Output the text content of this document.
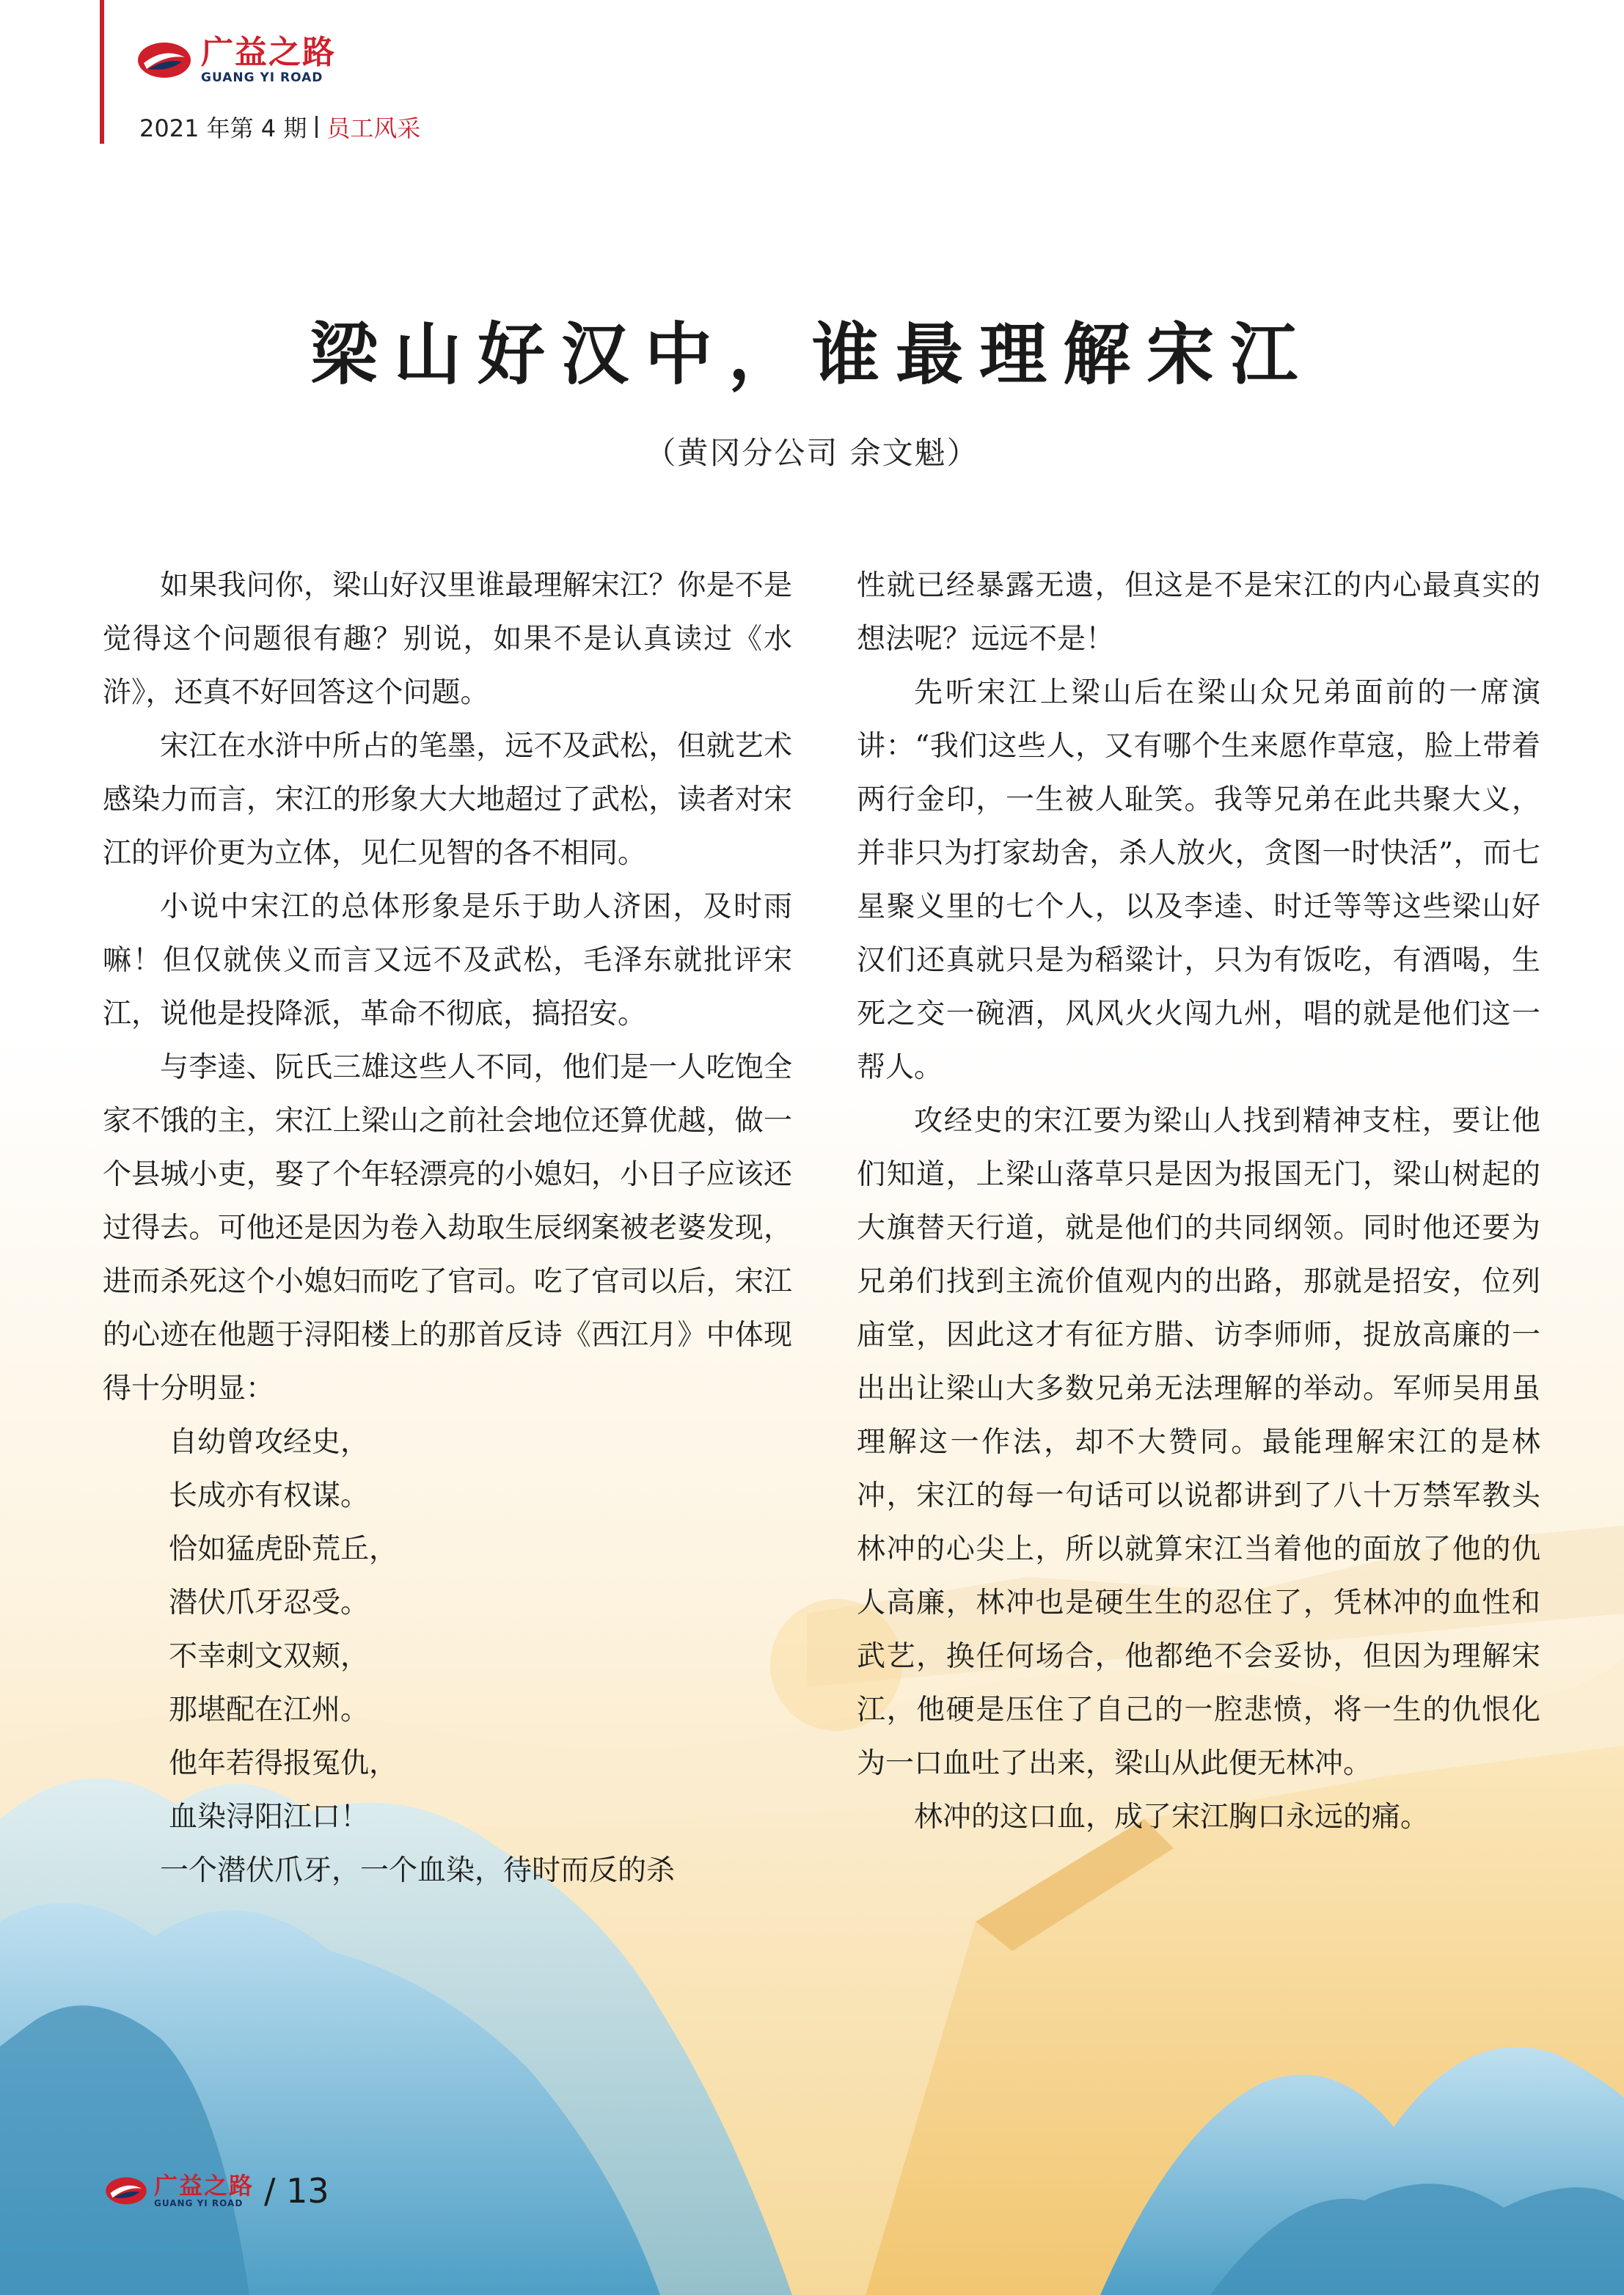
广益之路
GUANG YI ROAD
2021 年第 4 期 员工风采
梁山好汉中，谁最理解宋江
（黄冈分公司 余文魁）

如果我问你，梁山好汉里谁最理解宋江？你是不是觉得这个问题很有趣？别说，如果不是认真读过《水浒》，还真不好回答这个问题。

宋江在水浒中所占的笔墨，远不及武松，但就艺术感染力而言，宋江的形象大大地超过了武松，读者对宋江的评价更为立体，见仁见智的各不相同。

小说中宋江的总体形象是乐于助人济困，及时雨嘛！但仅就侠义而言又远不及武松，毛泽东就批评宋江，说他是投降派，革命不彻底，搞招安。

与李逵、阮氏三雄这些人不同，他们是一人吃饱全家不饿的主，宋江上梁山之前社会地位还算优越，做一个县城小吏，娶了个年轻漂亮的小媳妇，小日子应该还过得去。可他还是因为卷入劫取生辰纲案被老婆发现，进而杀死这个小媳妇而吃了官司。吃了官司以后，宋江的心迹在他题于浔阳楼上的那首反诗《西江月》中体现得十分明显：

自幼曾攻经史，
长成亦有权谋。
恰如猛虎卧荒丘，
潜伏爪牙忍受。
不幸刺文双颊，
那堪配在江州。
他年若得报冤仇，
血染浔阳江口！

一个潜伏爪牙，一个血染，待时而反的杀

性就已经暴露无遗，但这是不是宋江的内心最真实的想法呢？远远不是！

先听宋江上梁山后在梁山众兄弟面前的一席演讲：“我们这些人，又有哪个生来愿作草寇，脸上带着两行金印，一生被人耻笑。我等兄弟在此共聚大义，并非只为打家劫舍，杀人放火，贪图一时快活”，而七星聚义里的七个人，以及李逵、时迁等等这些梁山好汉们还真就只是为稻粱计，只为有饭吃，有酒喝，生死之交一碗酒，风风火火闯九州，唱的就是他们这一帮人。

攻经史的宋江要为梁山人找到精神支柱，要让他们知道，上梁山落草只是因为报国无门，梁山树起的大旗替天行道，就是他们的共同纲领。同时他还要为兄弟们找到主流价值观内的出路，那就是招安，位列庙堂，因此这才有征方腊、访李师师，捉放高廉的一出出让梁山大多数兄弟无法理解的举动。军师吴用虽理解这一作法，却不大赞同。最能理解宋江的是林冲，宋江的每一句话可以说都讲到了八十万禁军教头林冲的心尖上，所以就算宋江当着他的面放了他的仇人高廉，林冲也是硬生生的忍住了，凭林冲的血性和武艺，换任何场合，他都绝不会妥协，但因为理解宋江，他硬是压住了自己的一腔悲愤，将一生的仇恨化为一口血吐了出来，梁山从此便无林冲。

林冲的这口血，成了宋江胸口永远的痛。

广益之路
GUANG YI ROAD / 13
